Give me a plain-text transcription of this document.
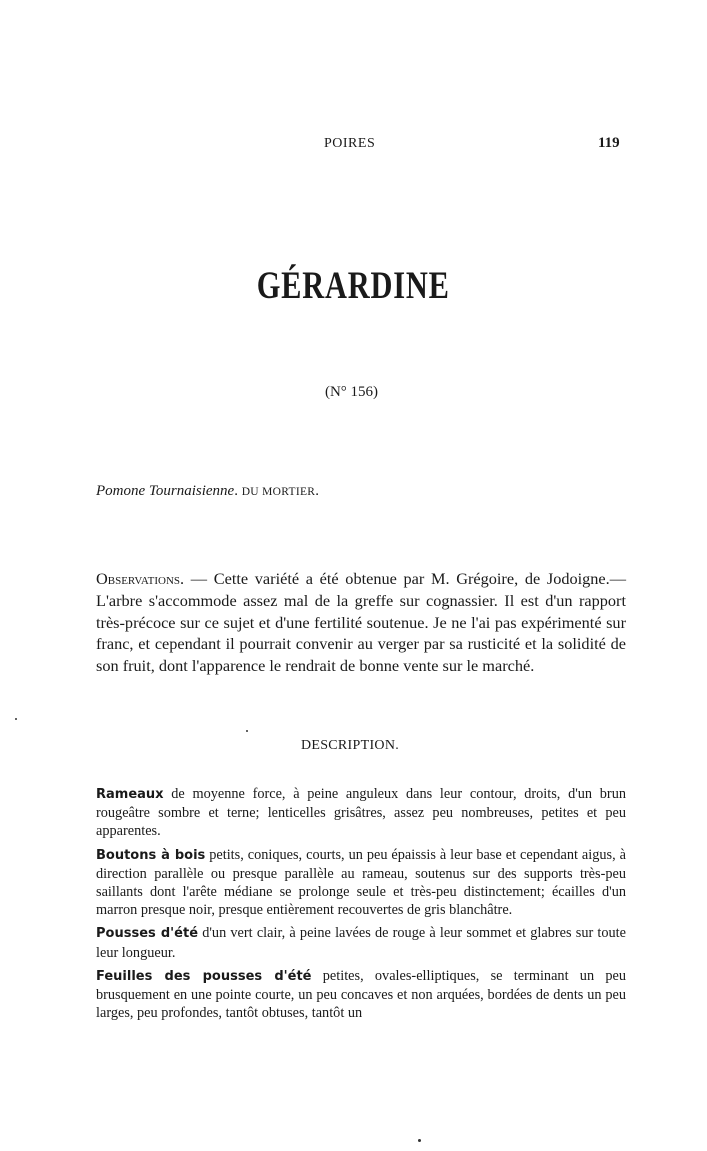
POIRES	119
GÉRARDINE
(N° 156)
Pomone Tournaisienne. DU MORTIER.
Observations. — Cette variété a été obtenue par M. Grégoire, de Jodoigne.— L'arbre s'accommode assez mal de la greffe sur cognassier. Il est d'un rapport très-précoce sur ce sujet et d'une fertilité soutenue. Je ne l'ai pas expérimenté sur franc, et cependant il pourrait convenir au verger par sa rusticité et la solidité de son fruit, dont l'apparence le rendrait de bonne vente sur le marché.
DESCRIPTION.

Rameaux de moyenne force, à peine anguleux dans leur contour, droits, d'un brun rougeâtre sombre et terne; lenticelles grisâtres, assez peu nombreuses, petites et peu apparentes.

Boutons à bois petits, coniques, courts, un peu épaissis à leur base et cependant aigus, à direction parallèle ou presque parallèle au rameau, soutenus sur des supports très-peu saillants dont l'arête médiane se prolonge seule et très-peu distinctement; écailles d'un marron presque noir, presque entièrement recouvertes de gris blanchâtre.

Pousses d'été d'un vert clair, à peine lavées de rouge à leur sommet et glabres sur toute leur longueur.

Feuilles des pousses d'été petites, ovales-elliptiques, se terminant un peu brusquement en une pointe courte, un peu concaves et non arquées, bordées de dents un peu larges, peu profondes, tantôt obtuses, tantôt un
